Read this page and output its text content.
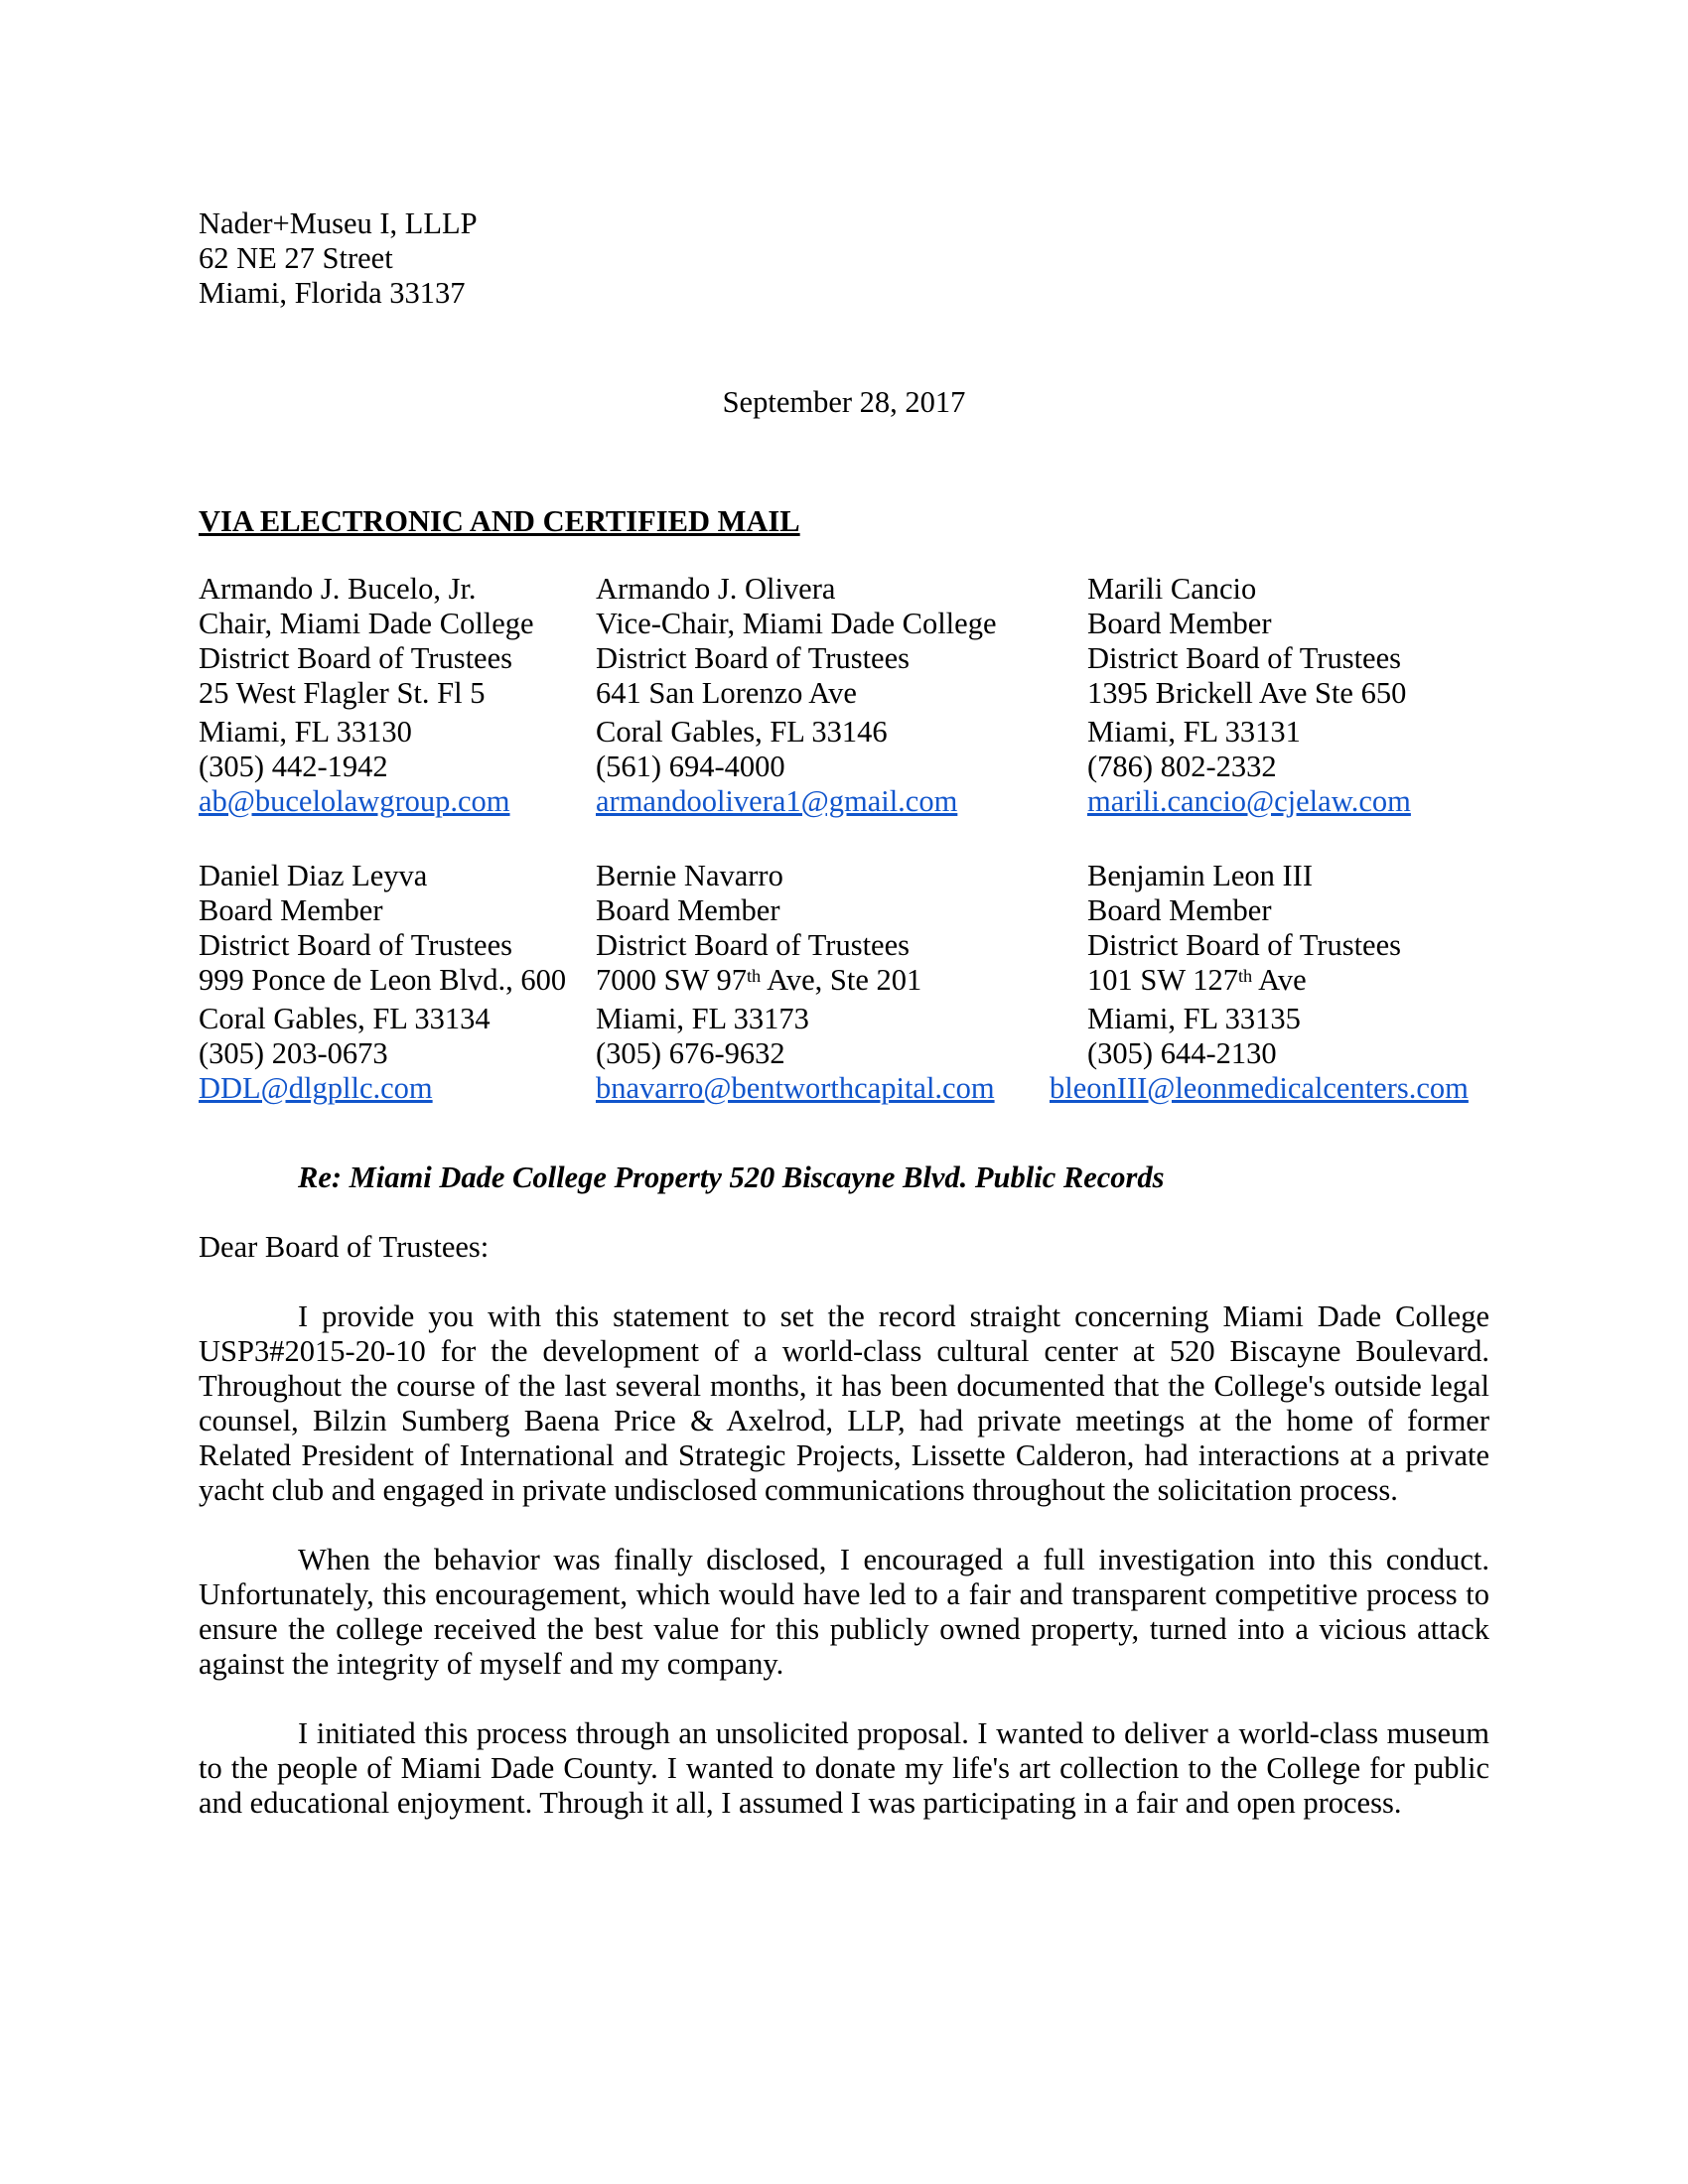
Nader+Museu I, LLLP
62 NE 27 Street
Miami, Florida 33137
September 28, 2017
VIA ELECTRONIC AND CERTIFIED MAIL
Armando J. Bucelo, Jr.
Chair, Miami Dade College
District Board of Trustees
25 West Flagler St. Fl 5
Miami, FL 33130
(305) 442-1942
ab@bucelolawgroup.com
Armando J. Olivera
Vice-Chair, Miami Dade College
District Board of Trustees
641 San Lorenzo Ave
Coral Gables, FL 33146
(561) 694-4000
armandoolivera1@gmail.com
Marili Cancio
Board Member
District Board of Trustees
1395 Brickell Ave Ste 650
Miami, FL 33131
(786) 802-2332
marili.cancio@cjelaw.com
Daniel Diaz Leyva
Board Member
District Board of Trustees
999 Ponce de Leon Blvd., 600
Coral Gables, FL 33134
(305) 203-0673
DDL@dlgpllc.com
Bernie Navarro
Board Member
District Board of Trustees
7000 SW 97th Ave, Ste 201
Miami, FL 33173
(305) 676-9632
bnavarro@bentworthcapital.com
Benjamin Leon III
Board Member
District Board of Trustees
101 SW 127th Ave
Miami, FL 33135
(305) 644-2130
bleonIII@leonmedicalcenters.com
Re: Miami Dade College Property 520 Biscayne Blvd. Public Records
Dear Board of Trustees:

I provide you with this statement to set the record straight concerning Miami Dade College USP3#2015-20-10 for the development of a world-class cultural center at 520 Biscayne Boulevard. Throughout the course of the last several months, it has been documented that the College's outside legal counsel, Bilzin Sumberg Baena Price & Axelrod, LLP, had private meetings at the home of former Related President of International and Strategic Projects, Lissette Calderon, had interactions at a private yacht club and engaged in private undisclosed communications throughout the solicitation process.

When the behavior was finally disclosed, I encouraged a full investigation into this conduct. Unfortunately, this encouragement, which would have led to a fair and transparent competitive process to ensure the college received the best value for this publicly owned property, turned into a vicious attack against the integrity of myself and my company.

I initiated this process through an unsolicited proposal. I wanted to deliver a world-class museum to the people of Miami Dade County. I wanted to donate my life's art collection to the College for public and educational enjoyment. Through it all, I assumed I was participating in a fair and open process.
